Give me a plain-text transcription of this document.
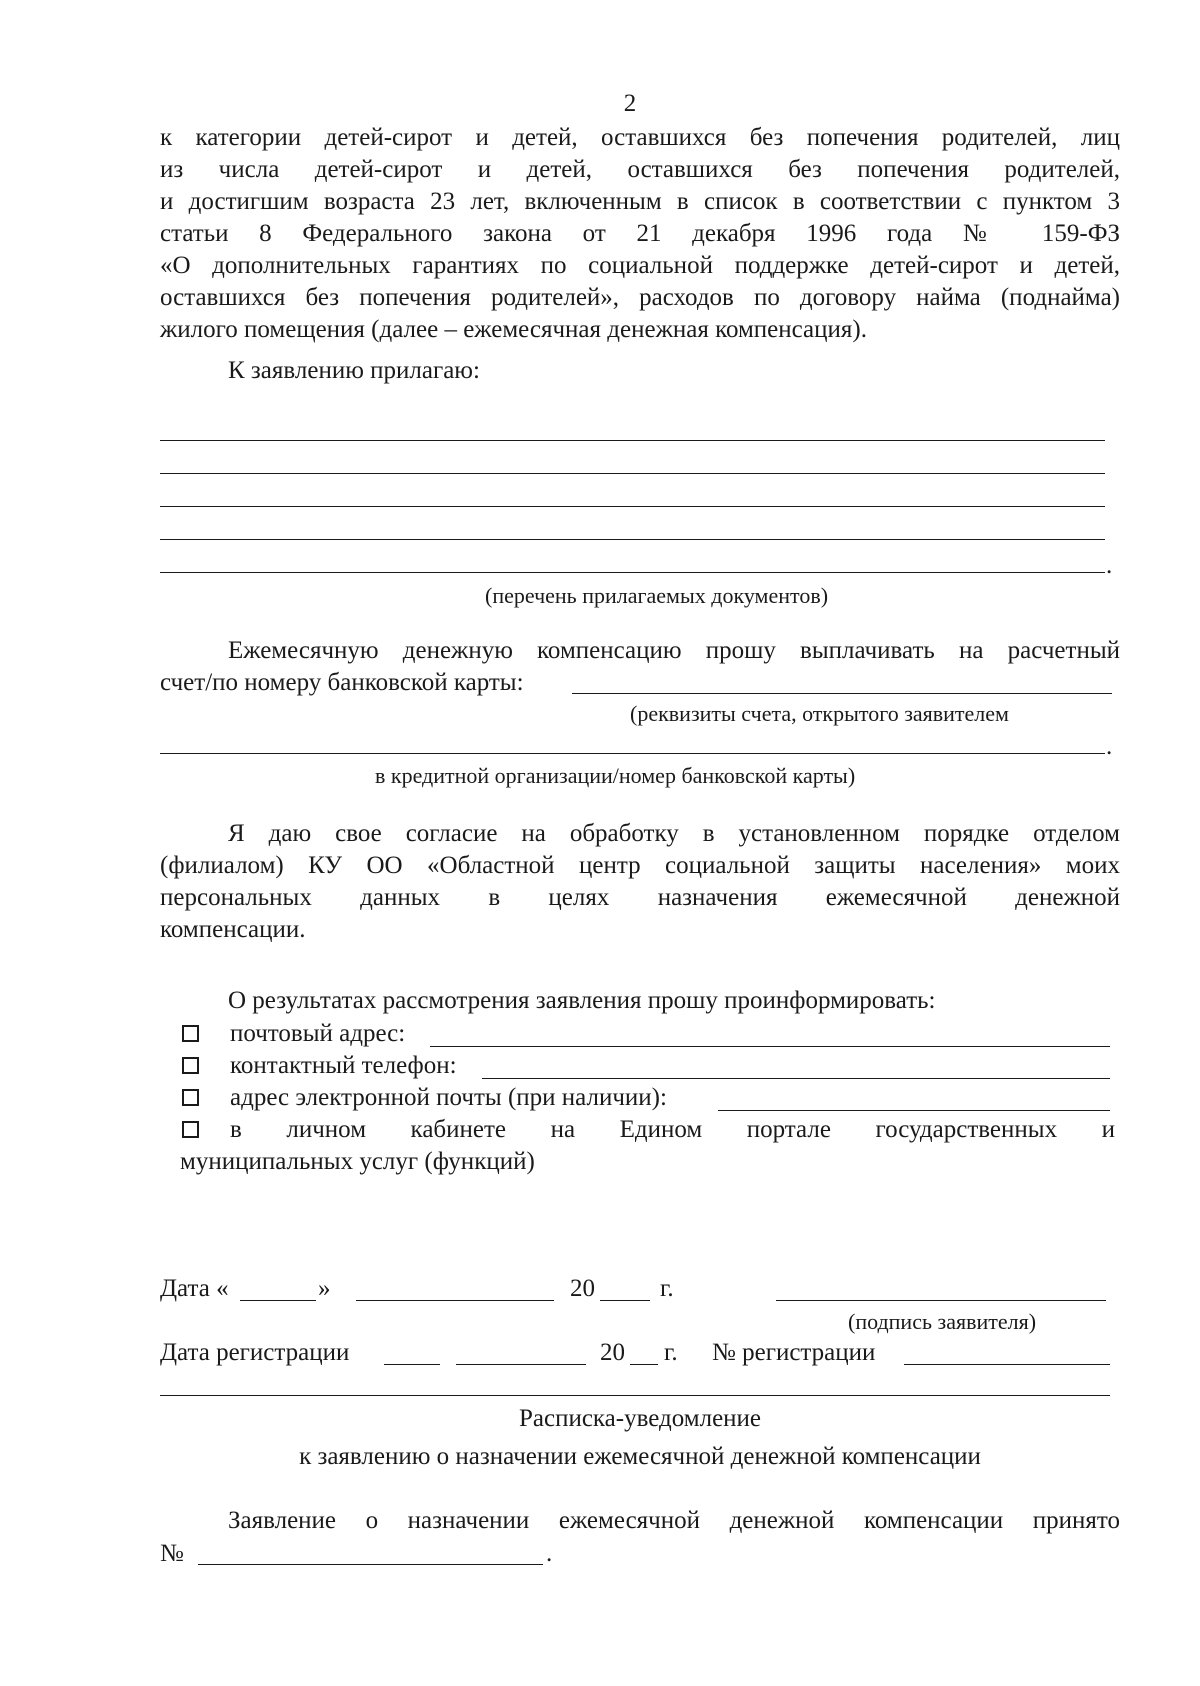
2
к категории детей-сирот и детей, оставшихся без попечения родителей, лиц
из числа детей-сирот и детей, оставшихся без попечения родителей,
и достигшим возраста 23 лет, включенным в список в соответствии с пунктом 3
статьи 8 Федерального закона от 21 декабря 1996 года № 159-ФЗ
«О дополнительных гарантиях по социальной поддержке детей-сирот и детей,
оставшихся без попечения родителей», расходов по договору найма (поднайма)
жилого помещения (далее – ежемесячная денежная компенсация).
К заявлению прилагаю:
.
(перечень прилагаемых документов)
Ежемесячную денежную компенсацию прошу выплачивать на расчетный
счет/по номеру банковской карты:
(реквизиты счета, открытого заявителем
.
в кредитной организации/номер банковской карты)
Я даю свое согласие на обработку в установленном порядке отделом
(филиалом) КУ ОО «Областной центр социальной защиты населения» моих
персональных данных в целях назначения ежемесячной денежной
компенсации.
О результатах рассмотрения заявления прошу проинформировать:
почтовый адрес:
контактный телефон:
адрес электронной почты (при наличии):
в личном кабинете на Едином портале государственных и
муниципальных услуг (функций)
Дата «	»	20	г.
(подпись заявителя)
Дата регистрации	20 г. № регистрации
Расписка-уведомление
к заявлению о назначении ежемесячной денежной компенсации
Заявление о назначении ежемесячной денежной компенсации принято
№	.
